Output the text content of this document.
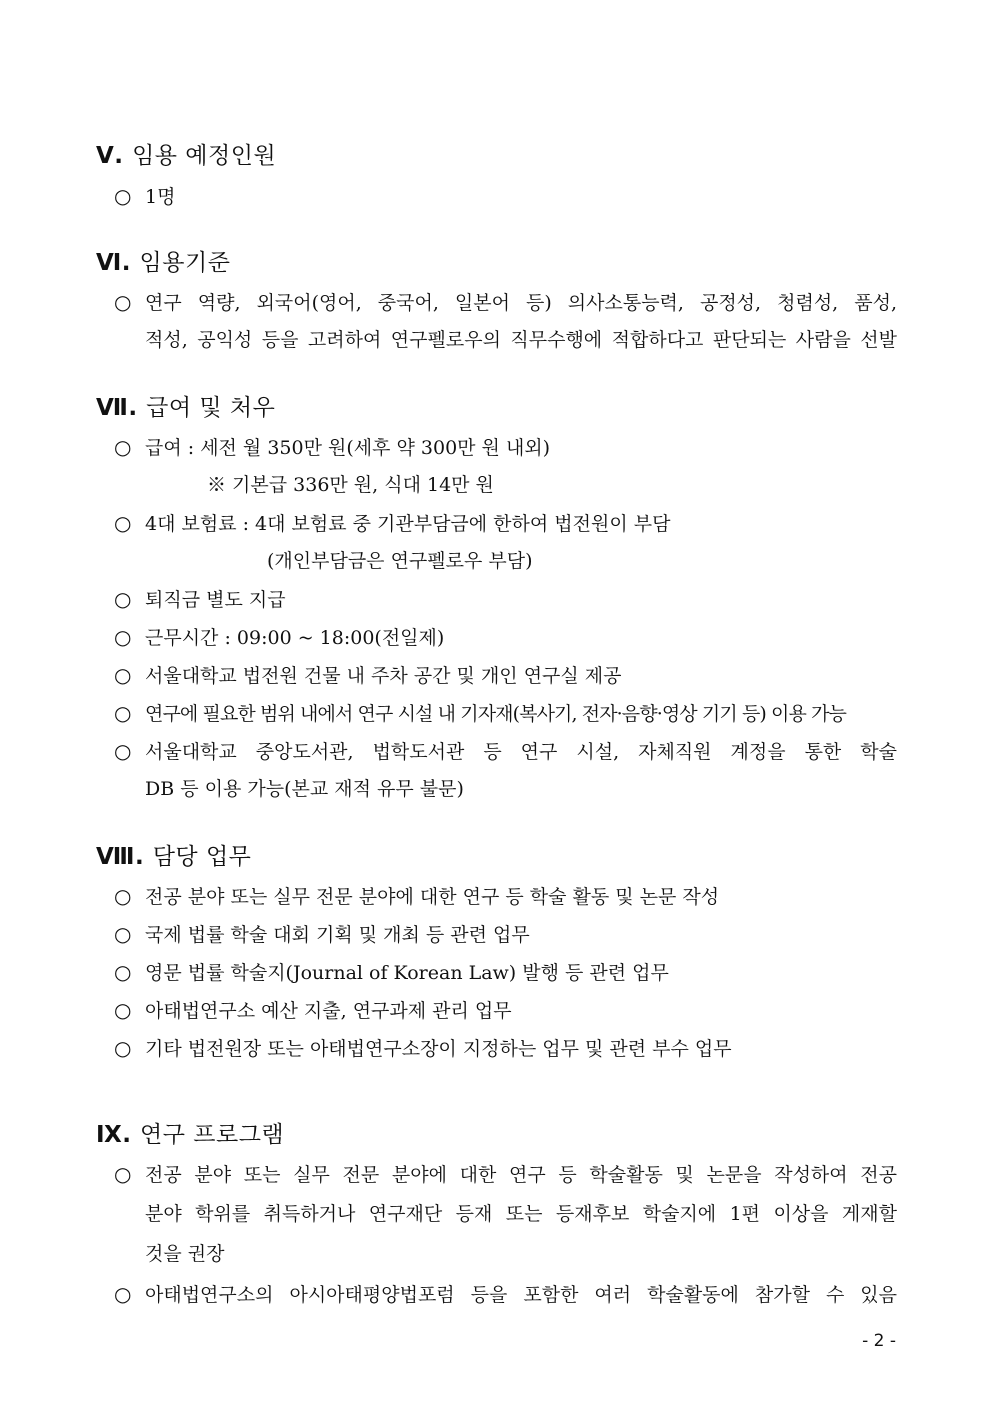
Ⅴ. 임용 예정인원
○ 1명
Ⅵ. 임용기준
○ 연구 역량, 외국어(영어, 중국어, 일본어 등) 의사소통능력, 공정성, 청렴성, 품성,
적성, 공익성 등을 고려하여 연구펠로우의 직무수행에 적합하다고 판단되는 사람을 선발
Ⅶ. 급여 및 처우
○ 급여 : 세전 월 350만 원(세후 약 300만 원 내외)
※ 기본급 336만 원, 식대 14만 원
○ 4대 보험료 : 4대 보험료 중 기관부담금에 한하여 법전원이 부담
(개인부담금은 연구펠로우 부담)
○ 퇴직금 별도 지급
○ 근무시간 : 09:00 ~ 18:00(전일제)
○ 서울대학교 법전원 건물 내 주차 공간 및 개인 연구실 제공
○ 연구에 필요한 범위 내에서 연구 시설 내 기자재(복사기, 전자·음향·영상 기기 등) 이용 가능
○ 서울대학교 중앙도서관, 법학도서관 등 연구 시설, 자체직원 계정을 통한 학술
DB 등 이용 가능(본교 재적 유무 불문)
Ⅷ. 담당 업무
○ 전공 분야 또는 실무 전문 분야에 대한 연구 등 학술 활동 및 논문 작성
○ 국제 법률 학술 대회 기획 및 개최 등 관련 업무
○ 영문 법률 학술지(Journal of Korean Law) 발행 등 관련 업무
○ 아태법연구소 예산 지출, 연구과제 관리 업무
○ 기타 법전원장 또는 아태법연구소장이 지정하는 업무 및 관련 부수 업무
Ⅸ. 연구 프로그램
○ 전공 분야 또는 실무 전문 분야에 대한 연구 등 학술활동 및 논문을 작성하여 전공
분야 학위를 취득하거나 연구재단 등재 또는 등재후보 학술지에 1편 이상을 게재할
것을 권장
○ 아태법연구소의 아시아태평양법포럼 등을 포함한 여러 학술활동에 참가할 수 있음
- 2 -
